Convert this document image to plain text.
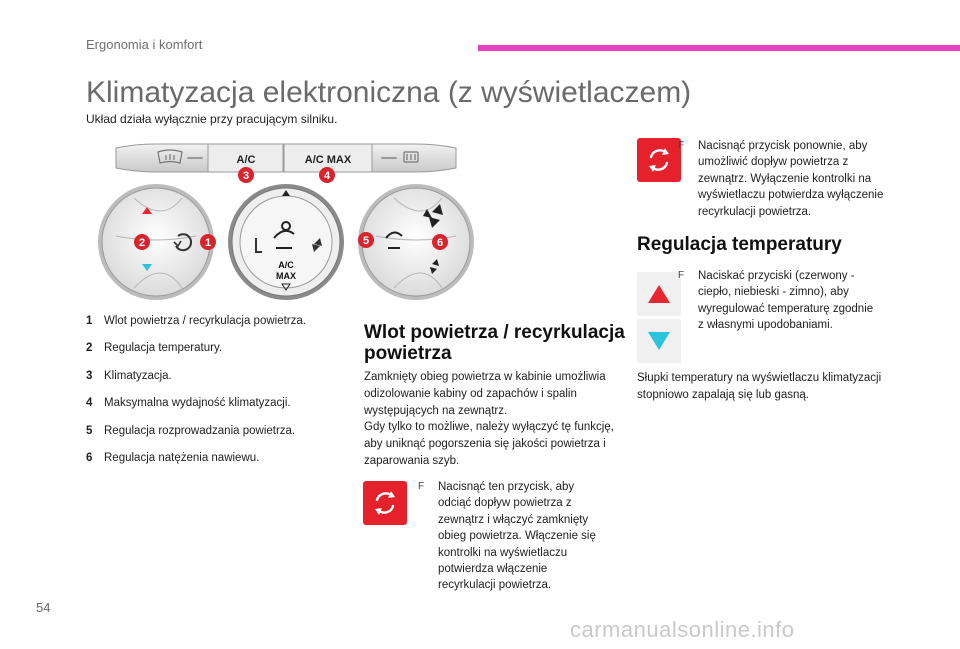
Ergonomia i komfort
Klimatyzacja elektroniczna (z wyświetlaczem)
Układ działa wyłącznie przy pracującym silniku.
A/C	A/C MAX
A/C
MAX
1
2
3	4
5	6
1	Wlot powietrza / recyrkulacja powietrza.
2	Regulacja temperatury.
3	Klimatyzacja.
4	Maksymalna wydajność klimatyzacji.
5	Regulacja rozprowadzania powietrza.
6	Regulacja natężenia nawiewu.
Wlot powietrza / recyrkulacja powietrza
Zamknięty obieg powietrza w kabinie umożliwia odizolowanie kabiny od zapachów i spalin występujących na zewnątrz.
Gdy tylko to możliwe, należy wyłączyć tę funkcję, aby uniknąć pogorszenia się jakości powietrza i zaparowania szyb.
F	Nacisnąć ten przycisk, aby odciąć dopływ powietrza z zewnątrz i włączyć zamknięty obieg powietrza. Włączenie się kontrolki na wyświetlaczu potwierdza włączenie recyrkulacji powietrza.
F	Nacisnąć przycisk ponownie, aby umożliwić dopływ powietrza z zewnątrz. Wyłączenie kontrolki na wyświetlaczu potwierdza wyłączenie recyrkulacji powietrza.
Regulacja temperatury
F	Naciskać przyciski (czerwony - ciepło, niebieski - zimno), aby wyregulować temperaturę zgodnie z własnymi upodobaniami.
Słupki temperatury na wyświetlaczu klimatyzacji stopniowo zapalają się lub gasną.
54
carmanualsonline.info
